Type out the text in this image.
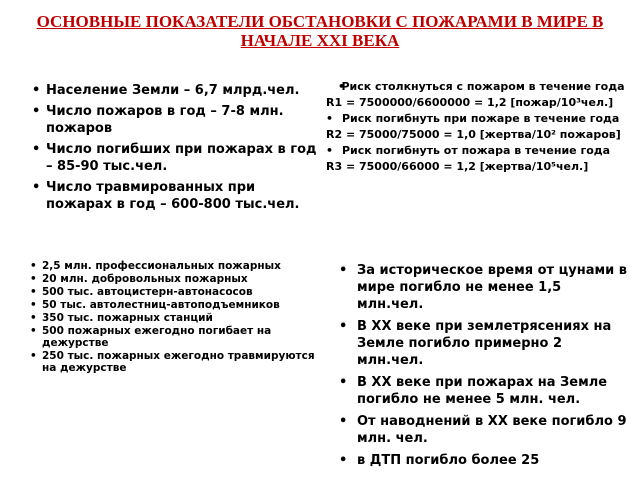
ОСНОВНЫЕ ПОКАЗАТЕЛИ ОБСТАНОВКИ С ПОЖАРАМИ В МИРЕ В НАЧАЛЕ XXI ВЕКА
• Население Земли – 6,7 млрд.чел.
• Число пожаров в год – 7-8 млн. пожаров
• Число погибших при пожарах в год – 85-90 тыс.чел.
• Число травмированных при пожарах в год – 600-800 тыс.чел.
• Риск столкнуться с пожаром в течение года
R1 = 7500000/6600000 = 1,2 [пожар/10³чел.]
• Риск погибнуть при пожаре в течение года
R2 = 75000/75000 = 1,0 [жертва/10² пожаров]
• Риск погибнуть от пожара в течение года
R3 = 75000/66000 = 1,2 [жертва/10⁵чел.]
• 2,5 млн. профессиональных пожарных
• 20 млн. добровольных пожарных
• 500 тыс. автоцистерн-автонасосов
• 50 тыс. автолестниц-автоподъемников
• 350 тыс. пожарных станций
• 500 пожарных ежегодно погибает на дежурстве
• 250 тыс. пожарных ежегодно травмируются на дежурстве
• За историческое время от цунами в мире погибло не менее 1,5 млн.чел.
• В XX веке при землетрясениях на Земле погибло примерно 2 млн.чел.
• В XX веке при пожарах на Земле погибло не менее 5 млн. чел.
• От наводнений в XX веке погибло 9 млн. чел.
• в ДТП погибло более 25
